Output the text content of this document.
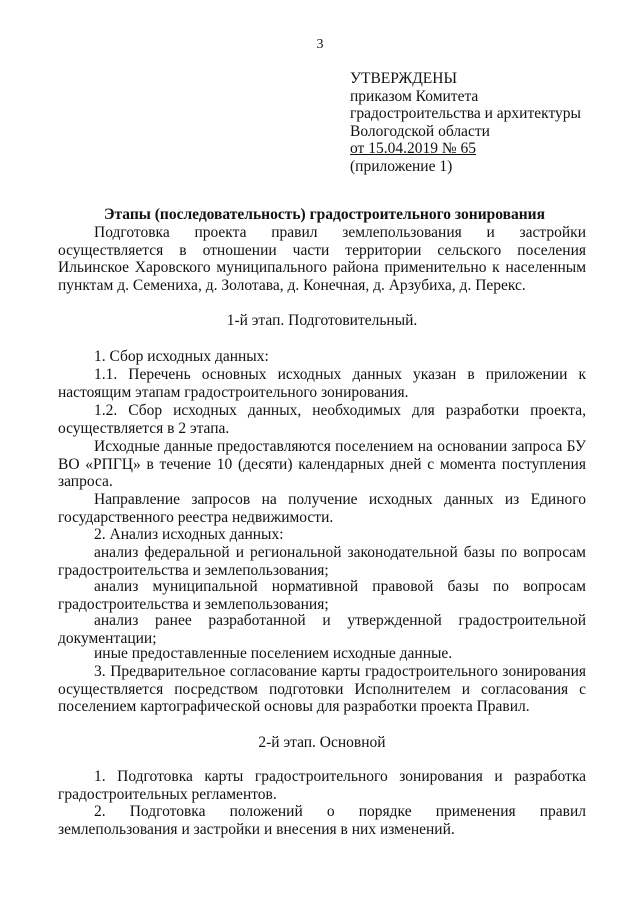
3
УТВЕРЖДЕНЫ
приказом Комитета
градостроительства и архитектуры
Вологодской области
от 15.04.2019 № 65
(приложение 1)
Этапы (последовательность) градостроительного зонирования

Подготовка проекта правил землепользования и застройки осуществляется в отношении части территории сельского поселения Ильинское Харовского муниципального района применительно к населенным пунктам д. Семениха, д. Золотава, д. Конечная, д. Арзубиха, д. Перекс.

1-й этап. Подготовительный.

1. Сбор исходных данных:

1.1. Перечень основных исходных данных указан в приложении к настоящим этапам градостроительного зонирования.

1.2. Сбор исходных данных, необходимых для разработки проекта, осуществляется в 2 этапа.

Исходные данные предоставляются поселением на основании запроса БУ ВО «РПГЦ» в течение 10 (десяти) календарных дней с момента поступления запроса.

Направление запросов на получение исходных данных из Единого государственного реестра недвижимости.

2. Анализ исходных данных:

анализ федеральной и региональной законодательной базы по вопросам градостроительства и землепользования;

анализ муниципальной нормативной правовой базы по вопросам градостроительства и землепользования;

анализ ранее разработанной и утвержденной градостроительной документации;

иные предоставленные поселением исходные данные.

3. Предварительное согласование карты градостроительного зонирования осуществляется посредством подготовки Исполнителем и согласования с поселением картографической основы для разработки проекта Правил.

2-й этап. Основной

1. Подготовка карты градостроительного зонирования и разработка градостроительных регламентов.

2. Подготовка положений о порядке применения правил землепользования и застройки и внесения в них изменений.
